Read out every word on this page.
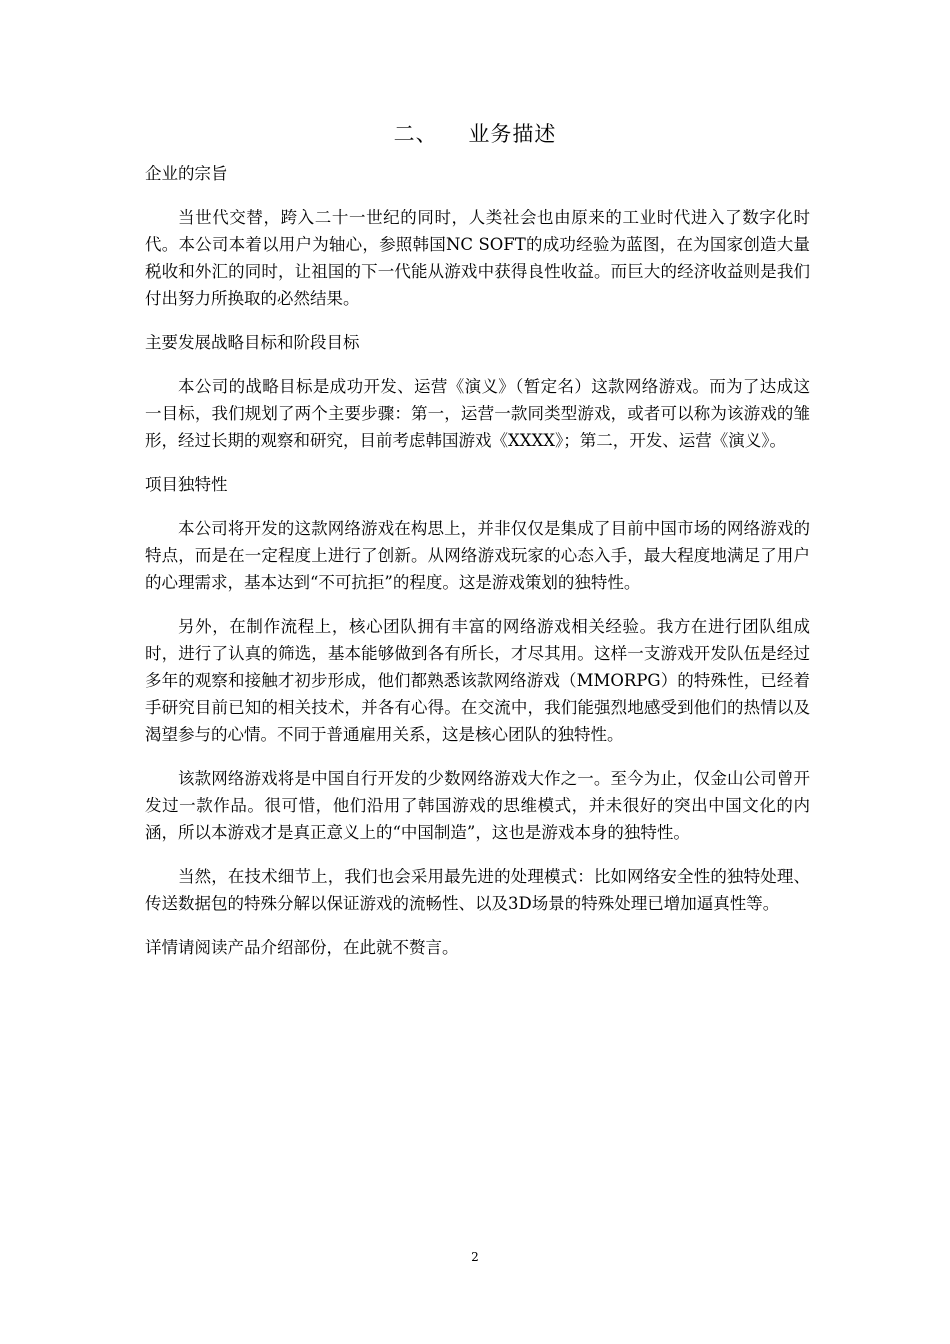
二、    业务描述

企业的宗旨

当世代交替，跨入二十一世纪的同时，人类社会也由原来的工业时代进入了数字化时代。本公司本着以用户为轴心，参照韩国NC SOFT的成功经验为蓝图，在为国家创造大量税收和外汇的同时，让祖国的下一代能从游戏中获得良性收益。而巨大的经济收益则是我们付出努力所换取的必然结果。

主要发展战略目标和阶段目标

本公司的战略目标是成功开发、运营《演义》（暂定名）这款网络游戏。而为了达成这一目标，我们规划了两个主要步骤：第一，运营一款同类型游戏，或者可以称为该游戏的雏形，经过长期的观察和研究，目前考虑韩国游戏《XXXX》；第二，开发、运营《演义》。

项目独特性

本公司将开发的这款网络游戏在构思上，并非仅仅是集成了目前中国市场的网络游戏的特点，而是在一定程度上进行了创新。从网络游戏玩家的心态入手，最大程度地满足了用户的心理需求，基本达到“不可抗拒”的程度。这是游戏策划的独特性。

另外，在制作流程上，核心团队拥有丰富的网络游戏相关经验。我方在进行团队组成时，进行了认真的筛选，基本能够做到各有所长，才尽其用。这样一支游戏开发队伍是经过多年的观察和接触才初步形成，他们都熟悉该款网络游戏（MMORPG）的特殊性，已经着手研究目前已知的相关技术，并各有心得。在交流中，我们能强烈地感受到他们的热情以及渴望参与的心情。不同于普通雇用关系，这是核心团队的独特性。

该款网络游戏将是中国自行开发的少数网络游戏大作之一。至今为止，仅金山公司曾开发过一款作品。很可惜，他们沿用了韩国游戏的思维模式，并未很好的突出中国文化的内涵，所以本游戏才是真正意义上的“中国制造”，这也是游戏本身的独特性。

当然，在技术细节上，我们也会采用最先进的处理模式：比如网络安全性的独特处理、传送数据包的特殊分解以保证游戏的流畅性、以及3D场景的特殊处理已增加逼真性等。

详情请阅读产品介绍部份，在此就不赘言。

2
